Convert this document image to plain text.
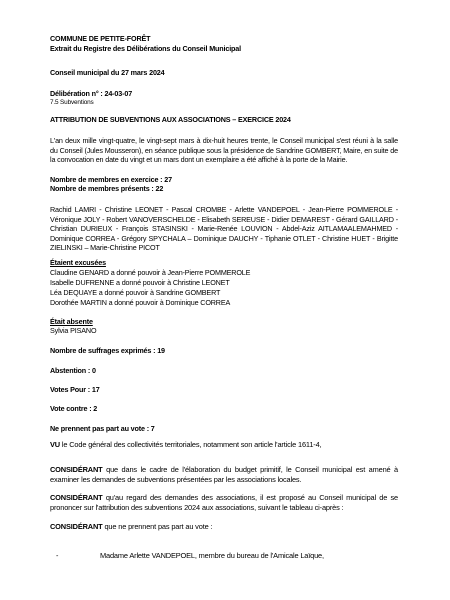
COMMUNE DE PETITE-FORÊT
Extrait du Registre des Délibérations du Conseil Municipal
Conseil municipal du 27 mars 2024
Délibération n° : 24-03-07
7.5 Subventions
ATTRIBUTION DE SUBVENTIONS AUX ASSOCIATIONS – EXERCICE 2024
L'an deux mille vingt-quatre, le vingt-sept mars à dix-huit heures trente, le Conseil municipal s'est réuni à la salle du Conseil (Jules Mousseron), en séance publique sous la présidence de Sandrine GOMBERT, Maire, en suite de la convocation en date du vingt et un mars dont un exemplaire a été affiché à la porte de la Mairie.
Nombre de membres en exercice : 27
Nombre de membres présents : 22
Rachid LAMRI - Christine LEONET - Pascal CROMBE - Arlette VANDEPOEL - Jean-Pierre POMMEROLE - Véronique JOLY - Robert VANOVERSCHELDE - Elisabeth SEREUSE - Didier DEMAREST - Gérard GAILLARD - Christian DURIEUX - François STASINSKI - Marie-Renée LOUVION - Abdel-Aziz AITLAMAALEMAHMED - Dominique CORREA - Grégory SPYCHALA – Dominique DAUCHY - Tiphanie OTLET - Christine HUET - Brigitte ZIELINSKI – Marie-Christine PICOT
Étaient excusées
Claudine GENARD a donné pouvoir à Jean-Pierre POMMEROLE
Isabelle DUFRENNE a donné pouvoir à Christine LEONET
Léa DEQUAYE a donné pouvoir à Sandrine GOMBERT
Dorothée MARTIN a donné pouvoir à Dominique CORREA
Était absente
Sylvia PISANO
Nombre de suffrages exprimés : 19
Abstention : 0
Votes Pour : 17
Vote contre : 2
Ne prennent pas part au vote : 7
VU le Code général des collectivités territoriales, notamment son article l'article 1611-4,
CONSIDÉRANT que dans le cadre de l'élaboration du budget primitif, le Conseil municipal est amené à examiner les demandes de subventions présentées par les associations locales.
CONSIDÉRANT qu'au regard des demandes des associations, il est proposé au Conseil municipal de se prononcer sur l'attribution des subventions 2024 aux associations, suivant le tableau ci-après :
CONSIDÉRANT que ne prennent pas part au vote :
-	Madame Arlette VANDEPOEL, membre du bureau de l'Amicale Laïque,
